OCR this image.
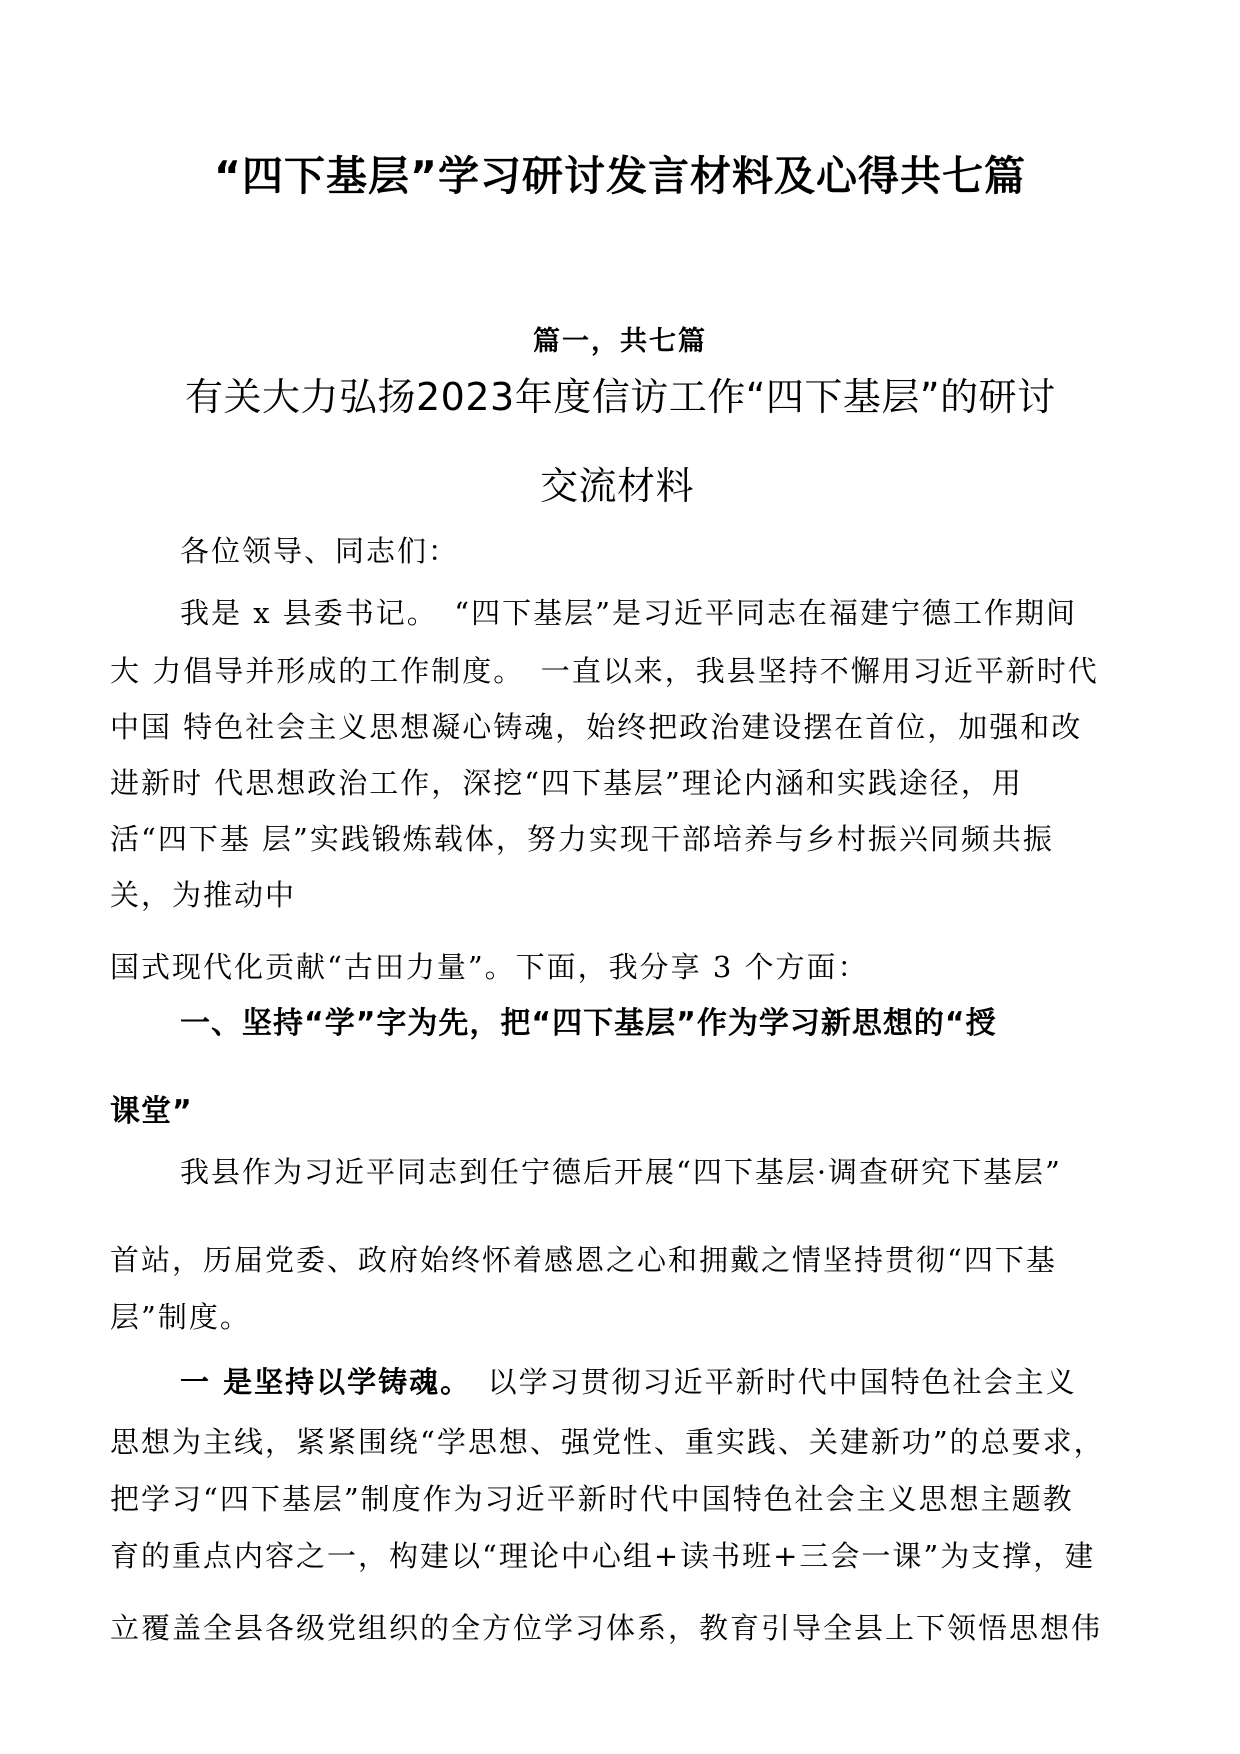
“四下基层”学习研讨发言材料及心得共七篇
篇一，共七篇
有关大力弘扬2023年度信访工作“四下基层”的研讨
交流材料
各位领导、同志们：
我是 x 县委书记。　“四下基层”是习近平同志在福建宁德工作期间
大 力倡导并形成的工作制度。　一直以来，我县坚持不懈用习近平新时代
中国 特色社会主义思想凝心铸魂，始终把政治建设摆在首位，加强和改
进新时 代思想政治工作，深挖“四下基层”理论内涵和实践途径，用
活“四下基 层”实践锻炼载体，努力实现干部培养与乡村振兴同频共振
关，为推动中
国式现代化贡献“古田力量”。下面，我分享 3 个方面：
一、坚持“学”字为先，把“四下基层”作为学习新思想的“授
课堂”
我县作为习近平同志到任宁德后开展“四下基层·调查研究下基层”
首站，历届党委、政府始终怀着感恩之心和拥戴之情坚持贯彻“四下基
层”制度。
一 是坚持以学铸魂。　以学习贯彻习近平新时代中国特色社会主义
思想为主线，紧紧围绕“学思想、强党性、重实践、关建新功”的总要求，
把学习“四下基层”制度作为习近平新时代中国特色社会主义思想主题教
育的重点内容之一，构建以“理论中心组+读书班+三会一课”为支撑，建
立覆盖全县各级党组织的全方位学习体系，教育引导全县上下领悟思想伟
